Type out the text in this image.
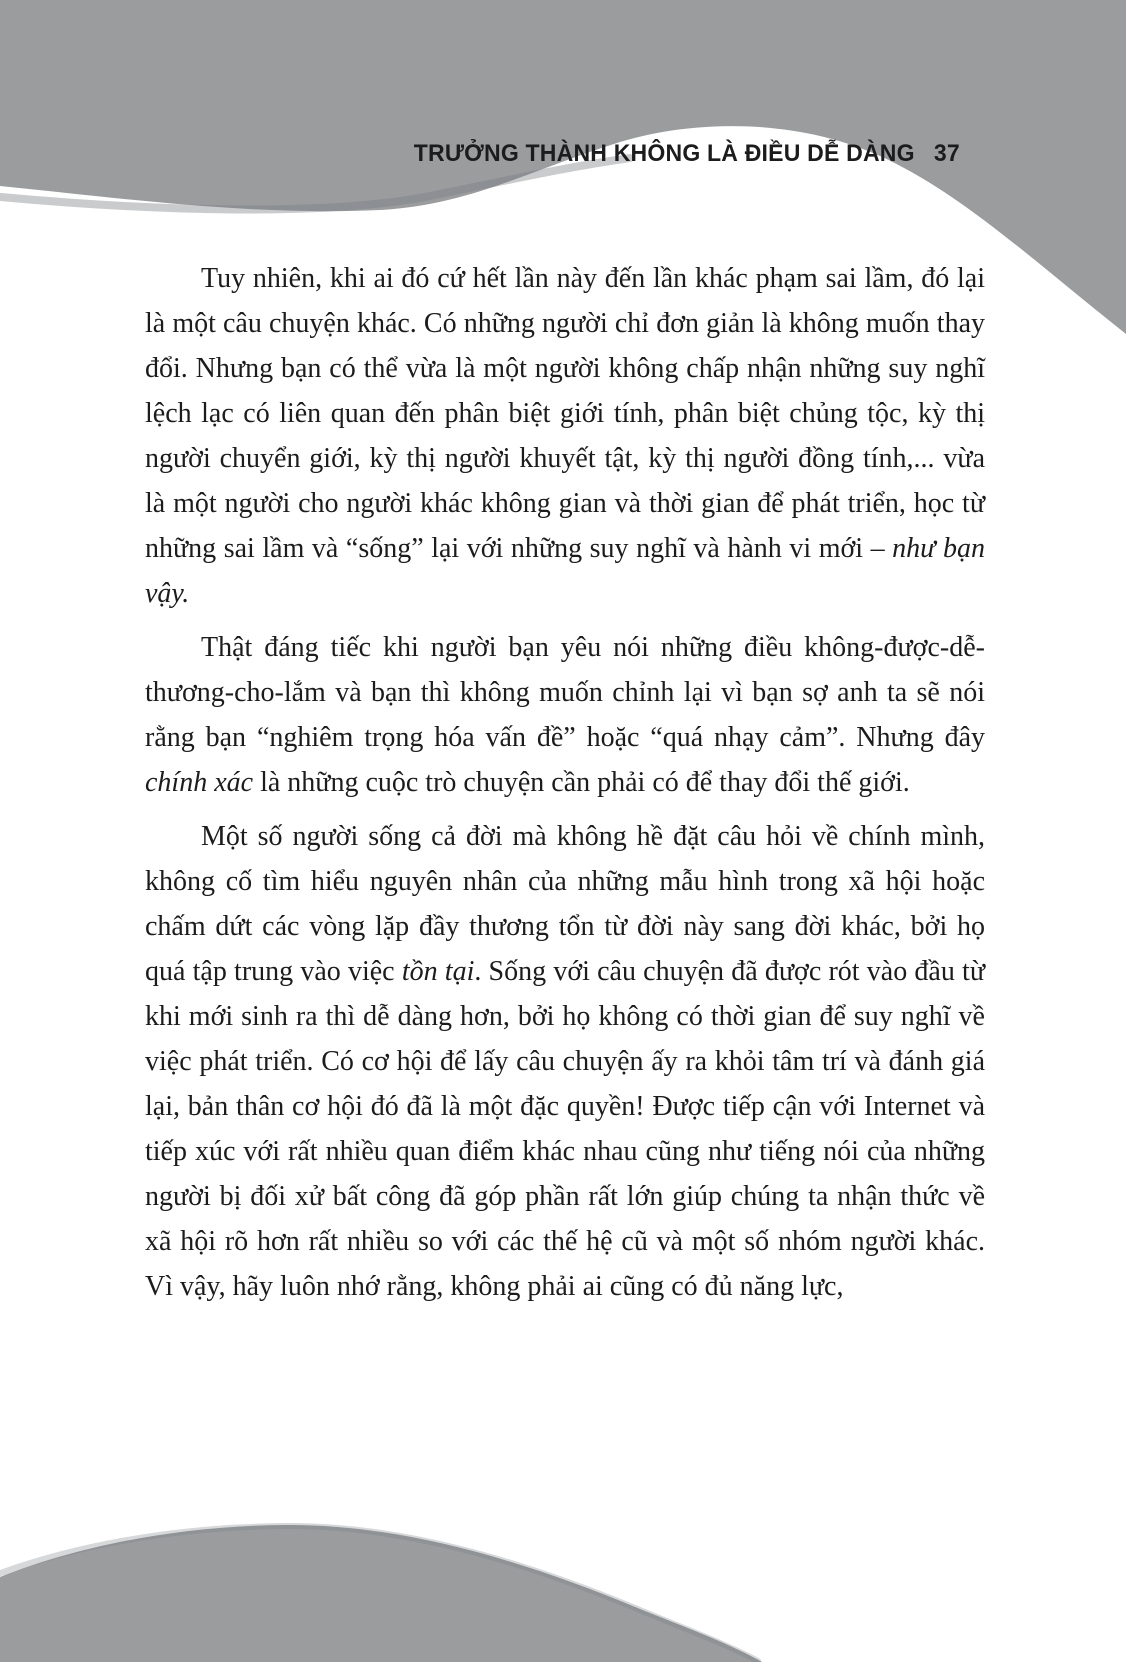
TRƯỞNG THÀNH KHÔNG LÀ ĐIỀU DỄ DÀNG 37

Tuy nhiên, khi ai đó cứ hết lần này đến lần khác phạm sai lầm, đó lại là một câu chuyện khác. Có những người chỉ đơn giản là không muốn thay đổi. Nhưng bạn có thể vừa là một người không chấp nhận những suy nghĩ lệch lạc có liên quan đến phân biệt giới tính, phân biệt chủng tộc, kỳ thị người chuyển giới, kỳ thị người khuyết tật, kỳ thị người đồng tính,... vừa là một người cho người khác không gian và thời gian để phát triển, học từ những sai lầm và “sống” lại với những suy nghĩ và hành vi mới – như bạn vậy.

Thật đáng tiếc khi người bạn yêu nói những điều không-được-dễ-thương-cho-lắm và bạn thì không muốn chỉnh lại vì bạn sợ anh ta sẽ nói rằng bạn “nghiêm trọng hóa vấn đề” hoặc “quá nhạy cảm”. Nhưng đây chính xác là những cuộc trò chuyện cần phải có để thay đổi thế giới.

Một số người sống cả đời mà không hề đặt câu hỏi về chính mình, không cố tìm hiểu nguyên nhân của những mẫu hình trong xã hội hoặc chấm dứt các vòng lặp đầy thương tổn từ đời này sang đời khác, bởi họ quá tập trung vào việc tồn tại. Sống với câu chuyện đã được rót vào đầu từ khi mới sinh ra thì dễ dàng hơn, bởi họ không có thời gian để suy nghĩ về việc phát triển. Có cơ hội để lấy câu chuyện ấy ra khỏi tâm trí và đánh giá lại, bản thân cơ hội đó đã là một đặc quyền! Được tiếp cận với Internet và tiếp xúc với rất nhiều quan điểm khác nhau cũng như tiếng nói của những người bị đối xử bất công đã góp phần rất lớn giúp chúng ta nhận thức về xã hội rõ hơn rất nhiều so với các thế hệ cũ và một số nhóm người khác. Vì vậy, hãy luôn nhớ rằng, không phải ai cũng có đủ năng lực,
